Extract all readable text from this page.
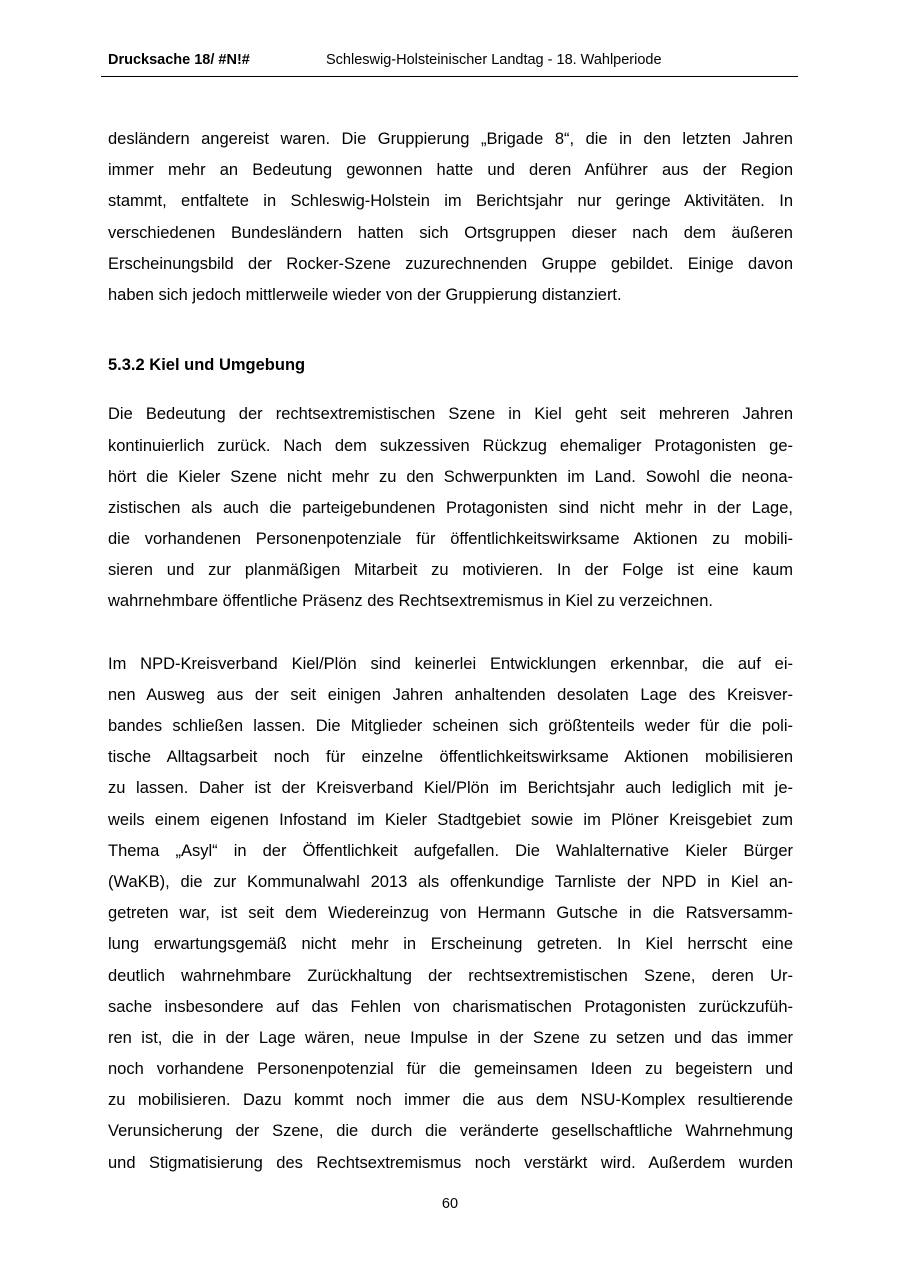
Drucksache 18/ #N!#	Schleswig-Holsteinischer Landtag - 18. Wahlperiode

desländern angereist waren. Die Gruppierung „Brigade 8“, die in den letzten Jahren
immer mehr an Bedeutung gewonnen hatte und deren Anführer aus der Region
stammt, entfaltete in Schleswig-Holstein im Berichtsjahr nur geringe Aktivitäten. In
verschiedenen Bundesländern hatten sich Ortsgruppen dieser nach dem äußeren
Erscheinungsbild der Rocker-Szene zuzurechnenden Gruppe gebildet. Einige davon
haben sich jedoch mittlerweile wieder von der Gruppierung distanziert.

5.3.2 Kiel und Umgebung

Die Bedeutung der rechtsextremistischen Szene in Kiel geht seit mehreren Jahren
kontinuierlich zurück. Nach dem sukzessiven Rückzug ehemaliger Protagonisten ge-
hört die Kieler Szene nicht mehr zu den Schwerpunkten im Land. Sowohl die neona-
zistischen als auch die parteigebundenen Protagonisten sind nicht mehr in der Lage,
die vorhandenen Personenpotenziale für öffentlichkeitswirksame Aktionen zu mobili-
sieren und zur planmäßigen Mitarbeit zu motivieren. In der Folge ist eine kaum
wahrnehmbare öffentliche Präsenz des Rechtsextremismus in Kiel zu verzeichnen.

Im NPD-Kreisverband Kiel/Plön sind keinerlei Entwicklungen erkennbar, die auf ei-
nen Ausweg aus der seit einigen Jahren anhaltenden desolaten Lage des Kreisver-
bandes schließen lassen. Die Mitglieder scheinen sich größtenteils weder für die poli-
tische Alltagsarbeit noch für einzelne öffentlichkeitswirksame Aktionen mobilisieren
zu lassen. Daher ist der Kreisverband Kiel/Plön im Berichtsjahr auch lediglich mit je-
weils einem eigenen Infostand im Kieler Stadtgebiet sowie im Plöner Kreisgebiet zum
Thema „Asyl“ in der Öffentlichkeit aufgefallen. Die Wahlalternative Kieler Bürger
(WaKB), die zur Kommunalwahl 2013 als offenkundige Tarnliste der NPD in Kiel an-
getreten war, ist seit dem Wiedereinzug von Hermann Gutsche in die Ratsversamm-
lung erwartungsgemäß nicht mehr in Erscheinung getreten. In Kiel herrscht eine
deutlich wahrnehmbare Zurückhaltung der rechtsextremistischen Szene, deren Ur-
sache insbesondere auf das Fehlen von charismatischen Protagonisten zurückzufüh-
ren ist, die in der Lage wären, neue Impulse in der Szene zu setzen und das immer
noch vorhandene Personenpotenzial für die gemeinsamen Ideen zu begeistern und
zu mobilisieren. Dazu kommt noch immer die aus dem NSU-Komplex resultierende
Verunsicherung der Szene, die durch die veränderte gesellschaftliche Wahrnehmung
und Stigmatisierung des Rechtsextremismus noch verstärkt wird. Außerdem wurden

60
